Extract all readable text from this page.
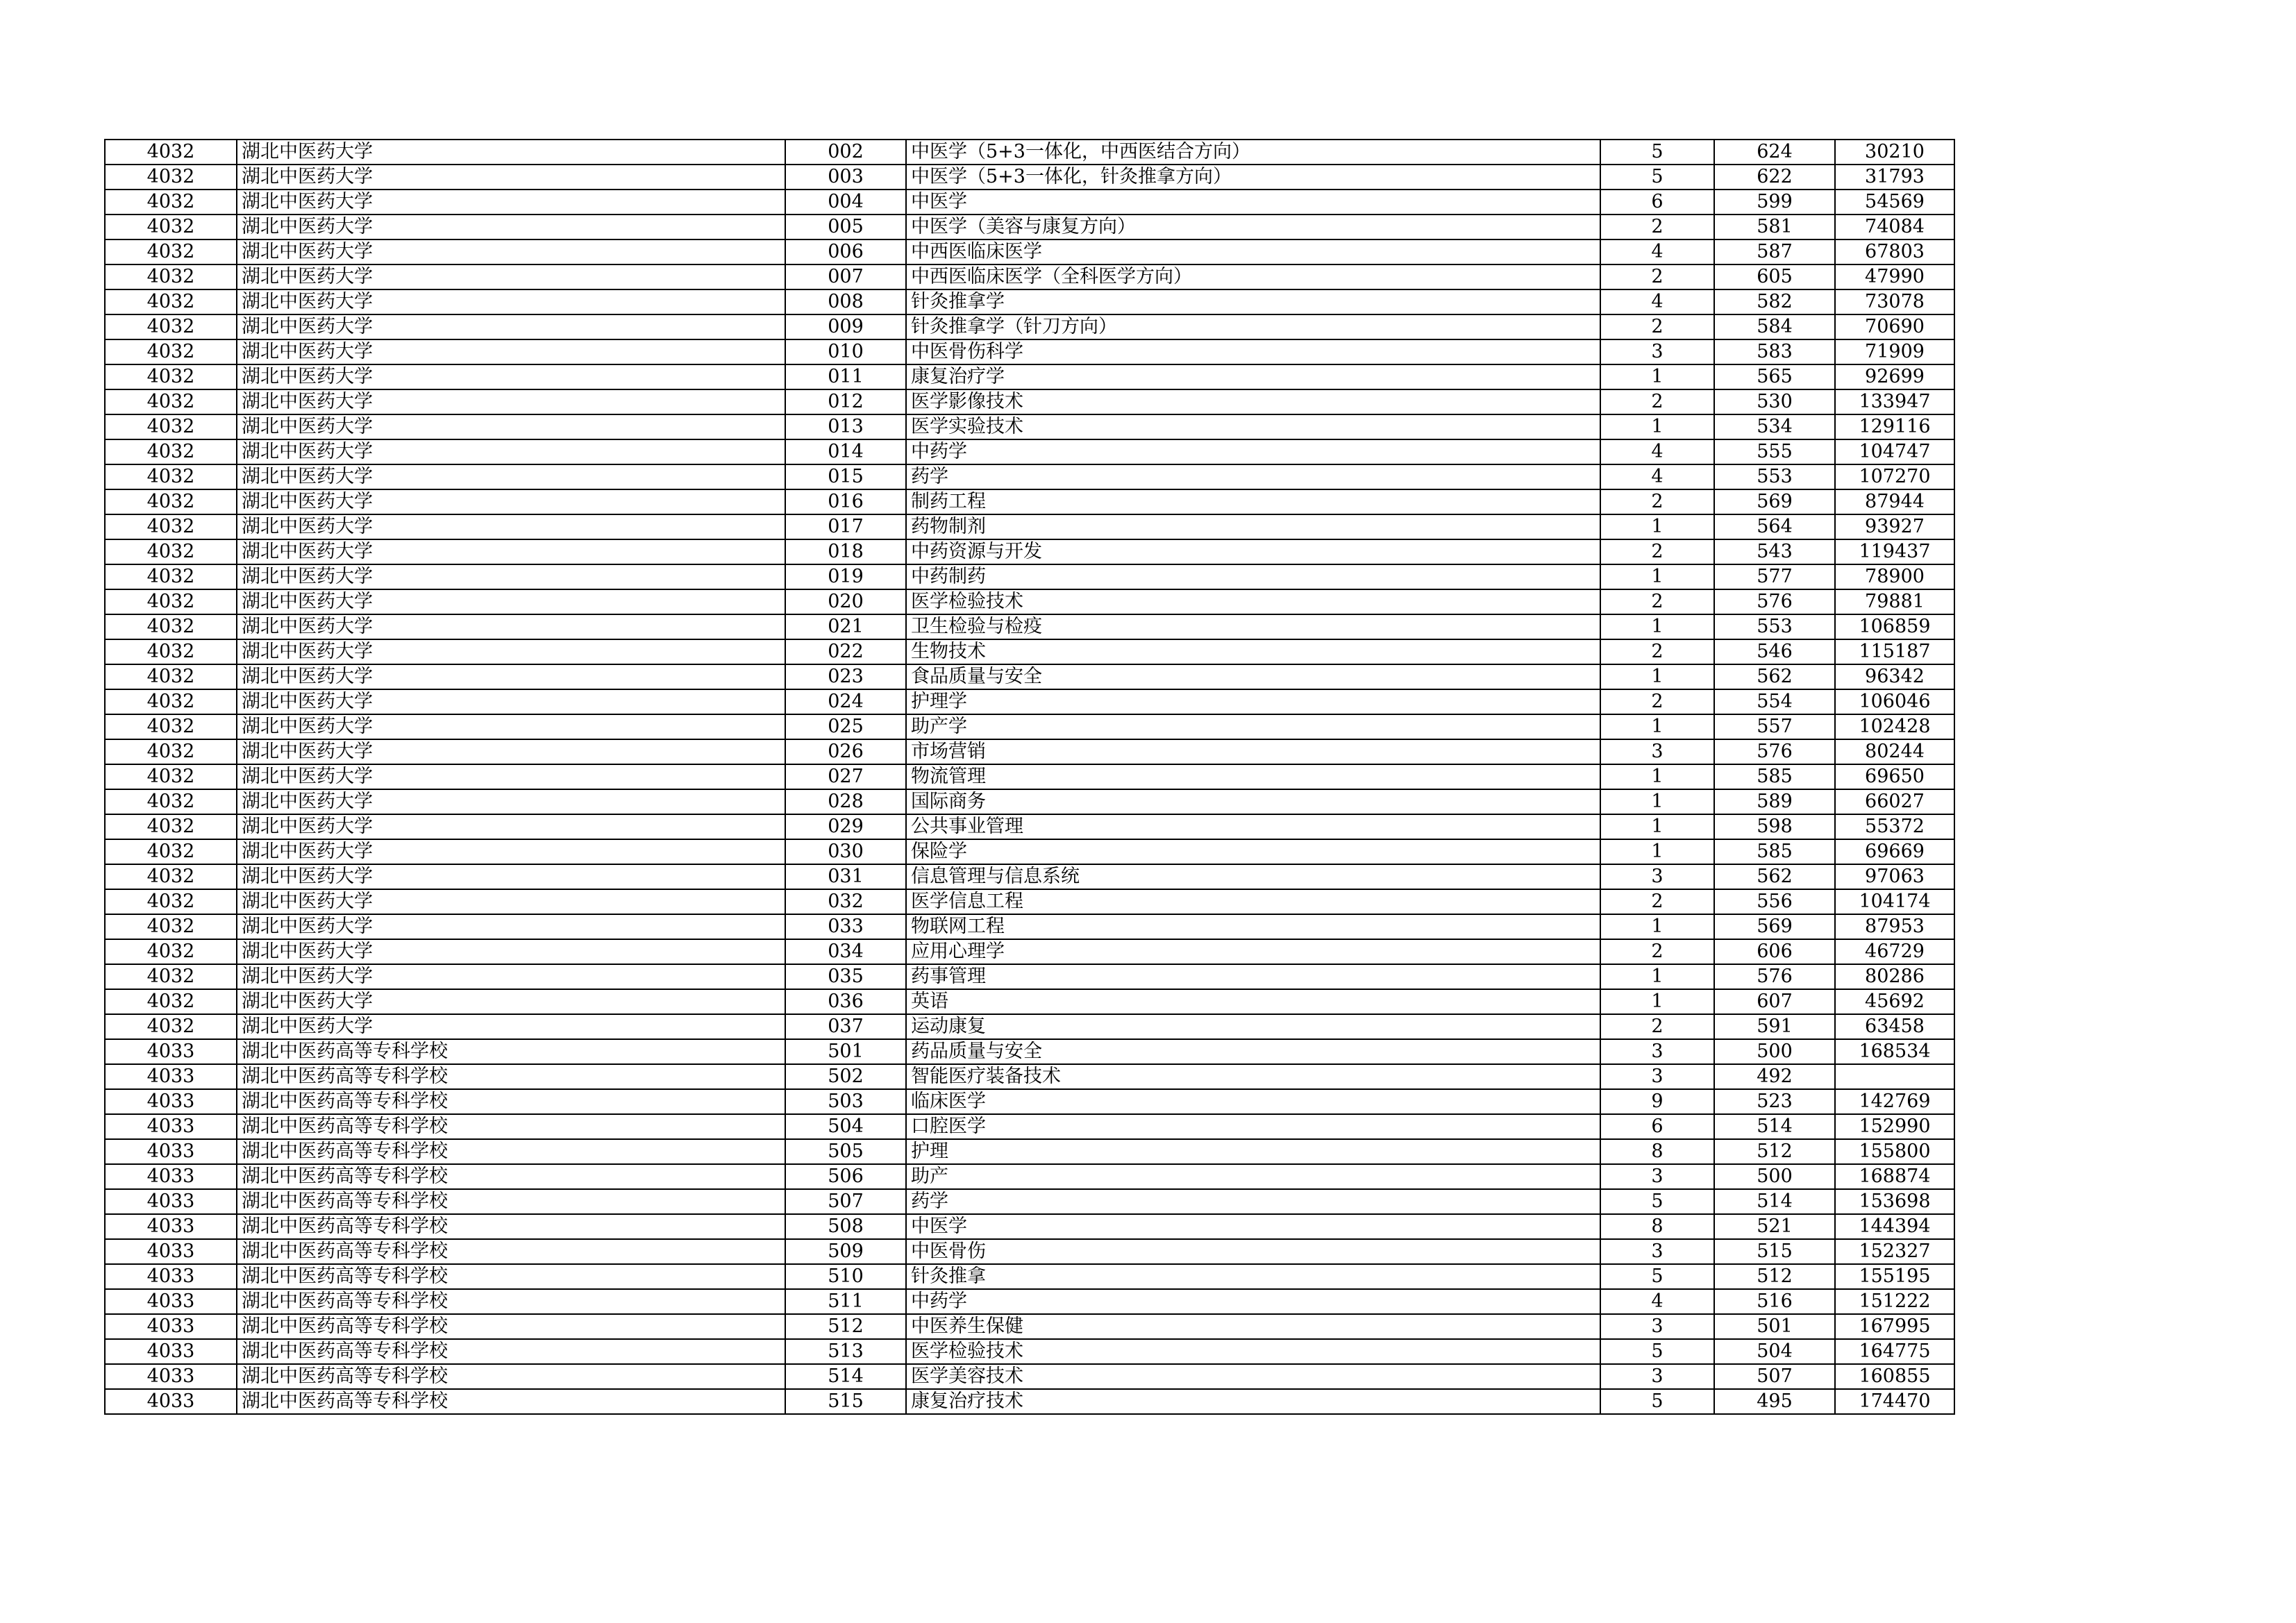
4032	湖北中医药大学	002	中医学（5+3一体化，中西医结合方向）	5	624	30210
4032	湖北中医药大学	003	中医学（5+3一体化，针灸推拿方向）	5	622	31793
4032	湖北中医药大学	004	中医学	6	599	54569
4032	湖北中医药大学	005	中医学（美容与康复方向）	2	581	74084
4032	湖北中医药大学	006	中西医临床医学	4	587	67803
4032	湖北中医药大学	007	中西医临床医学（全科医学方向）	2	605	47990
4032	湖北中医药大学	008	针灸推拿学	4	582	73078
4032	湖北中医药大学	009	针灸推拿学（针刀方向）	2	584	70690
4032	湖北中医药大学	010	中医骨伤科学	3	583	71909
4032	湖北中医药大学	011	康复治疗学	1	565	92699
4032	湖北中医药大学	012	医学影像技术	2	530	133947
4032	湖北中医药大学	013	医学实验技术	1	534	129116
4032	湖北中医药大学	014	中药学	4	555	104747
4032	湖北中医药大学	015	药学	4	553	107270
4032	湖北中医药大学	016	制药工程	2	569	87944
4032	湖北中医药大学	017	药物制剂	1	564	93927
4032	湖北中医药大学	018	中药资源与开发	2	543	119437
4032	湖北中医药大学	019	中药制药	1	577	78900
4032	湖北中医药大学	020	医学检验技术	2	576	79881
4032	湖北中医药大学	021	卫生检验与检疫	1	553	106859
4032	湖北中医药大学	022	生物技术	2	546	115187
4032	湖北中医药大学	023	食品质量与安全	1	562	96342
4032	湖北中医药大学	024	护理学	2	554	106046
4032	湖北中医药大学	025	助产学	1	557	102428
4032	湖北中医药大学	026	市场营销	3	576	80244
4032	湖北中医药大学	027	物流管理	1	585	69650
4032	湖北中医药大学	028	国际商务	1	589	66027
4032	湖北中医药大学	029	公共事业管理	1	598	55372
4032	湖北中医药大学	030	保险学	1	585	69669
4032	湖北中医药大学	031	信息管理与信息系统	3	562	97063
4032	湖北中医药大学	032	医学信息工程	2	556	104174
4032	湖北中医药大学	033	物联网工程	1	569	87953
4032	湖北中医药大学	034	应用心理学	2	606	46729
4032	湖北中医药大学	035	药事管理	1	576	80286
4032	湖北中医药大学	036	英语	1	607	45692
4032	湖北中医药大学	037	运动康复	2	591	63458
4033	湖北中医药高等专科学校	501	药品质量与安全	3	500	168534
4033	湖北中医药高等专科学校	502	智能医疗装备技术	3	492	
4033	湖北中医药高等专科学校	503	临床医学	9	523	142769
4033	湖北中医药高等专科学校	504	口腔医学	6	514	152990
4033	湖北中医药高等专科学校	505	护理	8	512	155800
4033	湖北中医药高等专科学校	506	助产	3	500	168874
4033	湖北中医药高等专科学校	507	药学	5	514	153698
4033	湖北中医药高等专科学校	508	中医学	8	521	144394
4033	湖北中医药高等专科学校	509	中医骨伤	3	515	152327
4033	湖北中医药高等专科学校	510	针灸推拿	5	512	155195
4033	湖北中医药高等专科学校	511	中药学	4	516	151222
4033	湖北中医药高等专科学校	512	中医养生保健	3	501	167995
4033	湖北中医药高等专科学校	513	医学检验技术	5	504	164775
4033	湖北中医药高等专科学校	514	医学美容技术	3	507	160855
4033	湖北中医药高等专科学校	515	康复治疗技术	5	495	174470
